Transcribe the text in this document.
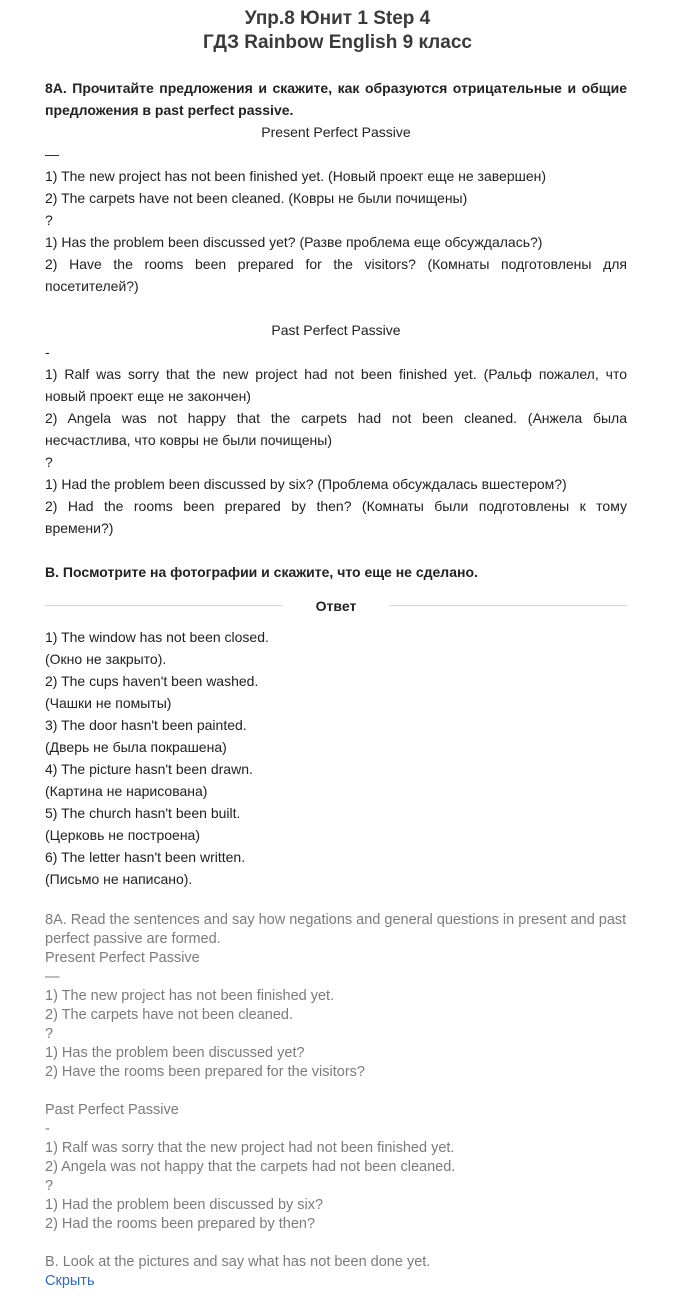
Упр.8 Юнит 1 Step 4
ГДЗ Rainbow English 9 класс
8A. Прочитайте предложения и скажите, как образуются отрицательные и общие
предложения в past perfect passive.
Present Perfect Passive
—
1) The new project has not been finished yet. (Новый проект еще не завершен)
2) The carpets have not been cleaned. (Ковры не были почищены)
?
1) Has the problem been discussed yet? (Разве проблема еще обсуждалась?)
2) Have the rooms been prepared for the visitors? (Комнаты подготовлены для
посетителей?)
Past Perfect Passive
-
1) Ralf was sorry that the new project had not been finished yet. (Ральф пожалел, что
новый проект еще не закончен)
2) Angela was not happy that the carpets had not been cleaned. (Анжела была
несчастлива, что ковры не были почищены)
?
1) Had the problem been discussed by six? (Проблема обсуждалась вшестером?)
2) Had the rooms been prepared by then? (Комнаты были подготовлены к тому
времени?)
B. Посмотрите на фотографии и скажите, что еще не сделано.
Ответ
1) The window has not been closed.
(Окно не закрыто).
2) The cups haven't been washed.
(Чашки не помыты)
3) The door hasn't been painted.
(Дверь не была покрашена)
4) The picture hasn't been drawn.
(Картина не нарисована)
5) The church hasn't been built.
(Церковь не построена)
6) The letter hasn't been written.
(Письмо не написано).
8A. Read the sentences and say how negations and general questions in present and past
perfect passive are formed.
Present Perfect Passive
—
1) The new project has not been finished yet.
2) The carpets have not been cleaned.
?
1) Has the problem been discussed yet?
2) Have the rooms been prepared for the visitors?
Past Perfect Passive
-
1) Ralf was sorry that the new project had not been finished yet.
2) Angela was not happy that the carpets had not been cleaned.
?
1) Had the problem been discussed by six?
2) Had the rooms been prepared by then?
B. Look at the pictures and say what has not been done yet.
Скрыть
